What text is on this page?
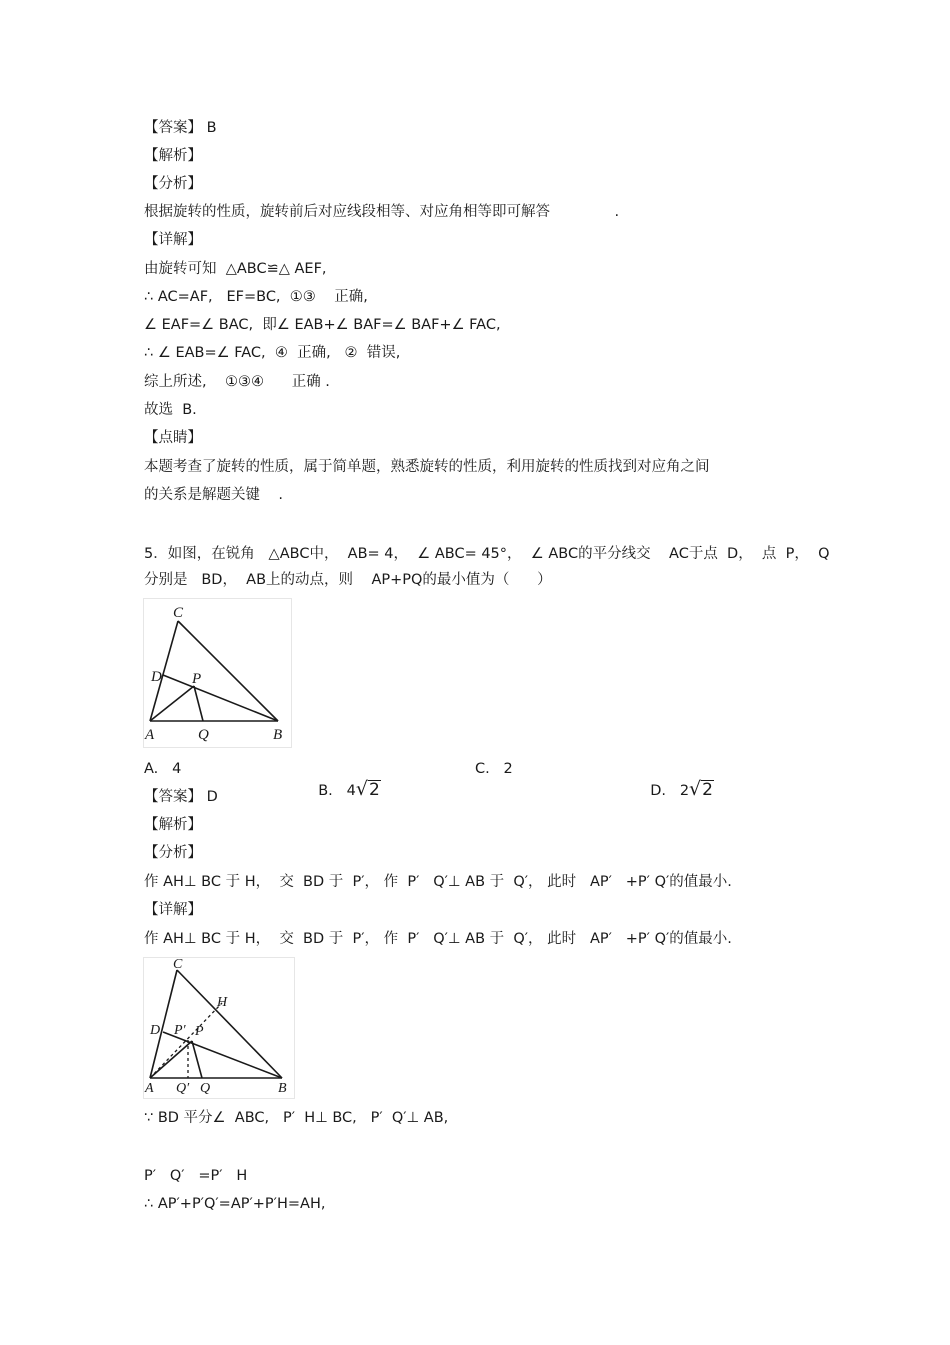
【答案】 B
【解析】
【分析】
根据旋转的性质，旋转前后对应线段相等、对应角相等即可解答              .
【详解】
由旋转可知  △ABC≌△ AEF,
∴ AC=AF,   EF=BC,  ①③    正确,
∠ EAF=∠ BAC,  即∠ EAB+∠ BAF=∠ BAF+∠ FAC,
∴ ∠ EAB=∠ FAC,  ④  正确,   ②  错误,
综上所述,    ①③④      正确 .
故选  B.
【点睛】
本题考查了旋转的性质，属于简单题，熟悉旋转的性质，利用旋转的性质找到对应角之间
的关系是解题关键    .
5．如图，在锐角   △ABC中，  AB= 4，  ∠ ABC= 45°，  ∠ ABC的平分线交    AC于点  D，  点  P，  Q
分别是   BD，  AB上的动点，则    AP+PQ的最小值为（      ）
C
D P
A	Q	B
A.   4

B.   4√2

C.   2

D.   2√2

【答案】 D
【解析】
【分析】
作 AH⊥ BC 于 H，  交  BD 于  P′， 作  P′   Q′⊥ AB 于  Q′， 此时   AP′   +P′ Q′的值最小.
【详解】
作 AH⊥ BC 于 H，  交  BD 于  P′， 作  P′   Q′⊥ AB 于  Q′， 此时   AP′   +P′ Q′的值最小.
C
H
D P′ P
A Q′ Q	B
∵ BD 平分∠  ABC,   P′  H⊥ BC,   P′  Q′⊥ AB,
P′   Q′   =P′   H
∴ AP′+P′Q′=AP′+P′H=AH,
